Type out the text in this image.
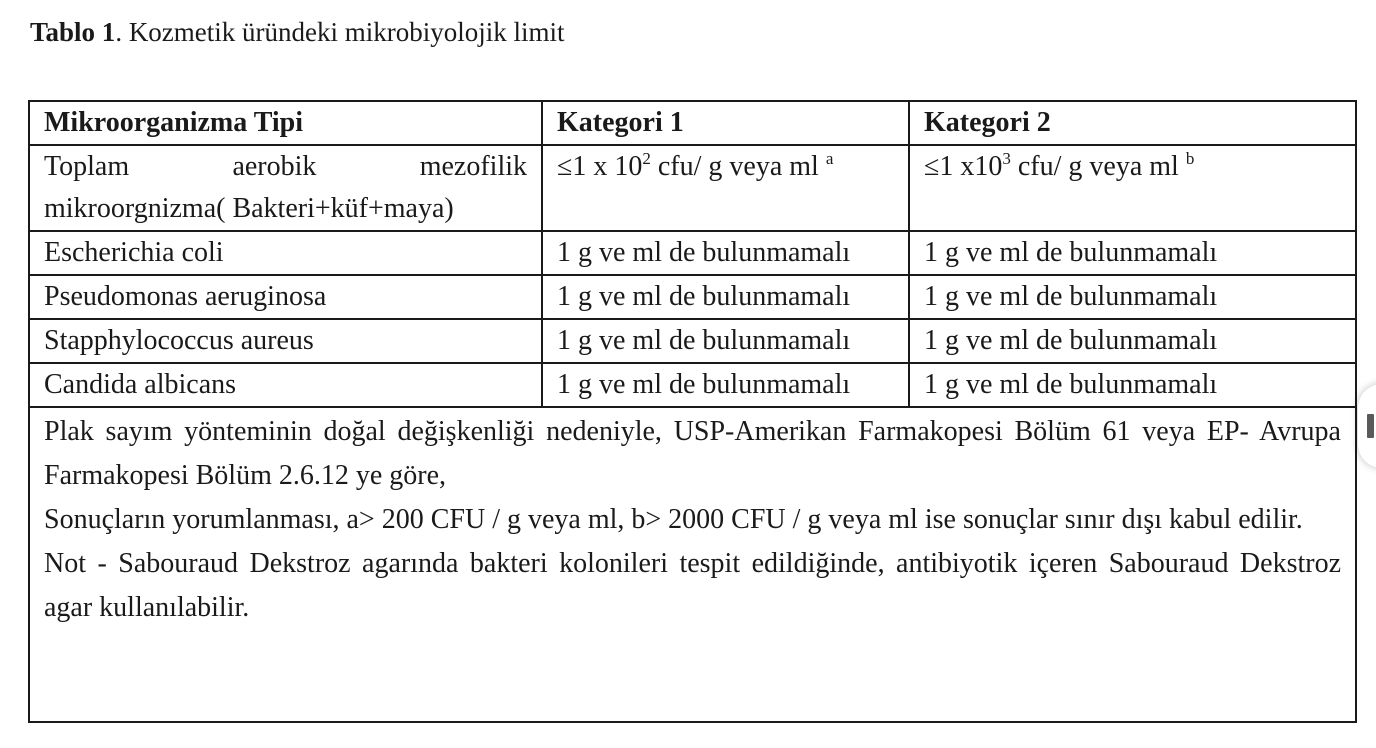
Tablo 1. Kozmetik üründeki mikrobiyolojik limit
Mikroorganizma Tipi	Kategori 1	Kategori 2

Toplam aerobik mezofilik
mikroorgnizma( Bakteri+küf+maya)	≤1 x $10^2$ cfu/ g veya ml $^a$	≤1 $x10^3$ cfu/ g veya ml $^b$
Escherichia coli	1 g ve ml de bulunmamalı	1 g ve ml de bulunmamalı
Pseudomonas aeruginosa	1 g ve ml de bulunmamalı	1 g ve ml de bulunmamalı
Stapphylococcus aureus	1 g ve ml de bulunmamalı	1 g ve ml de bulunmamalı
Candida albicans	1 g ve ml de bulunmamalı	1 g ve ml de bulunmamalı

Plak sayım yönteminin doğal değişkenliği nedeniyle, USP-Amerikan Farmakopesi Bölüm 61 veya EP- Avrupa Farmakopesi Bölüm 2.6.12 ye göre,

Sonuçların yorumlanması, a> 200 CFU / g veya ml, b> 2000 CFU / g veya ml ise sonuçlar sınır dışı kabul edilir.

Not - Sabouraud Dekstroz agarında bakteri kolonileri tespit edildiğinde, antibiyotik içeren Sabouraud Dekstroz agar kullanılabilir.		
